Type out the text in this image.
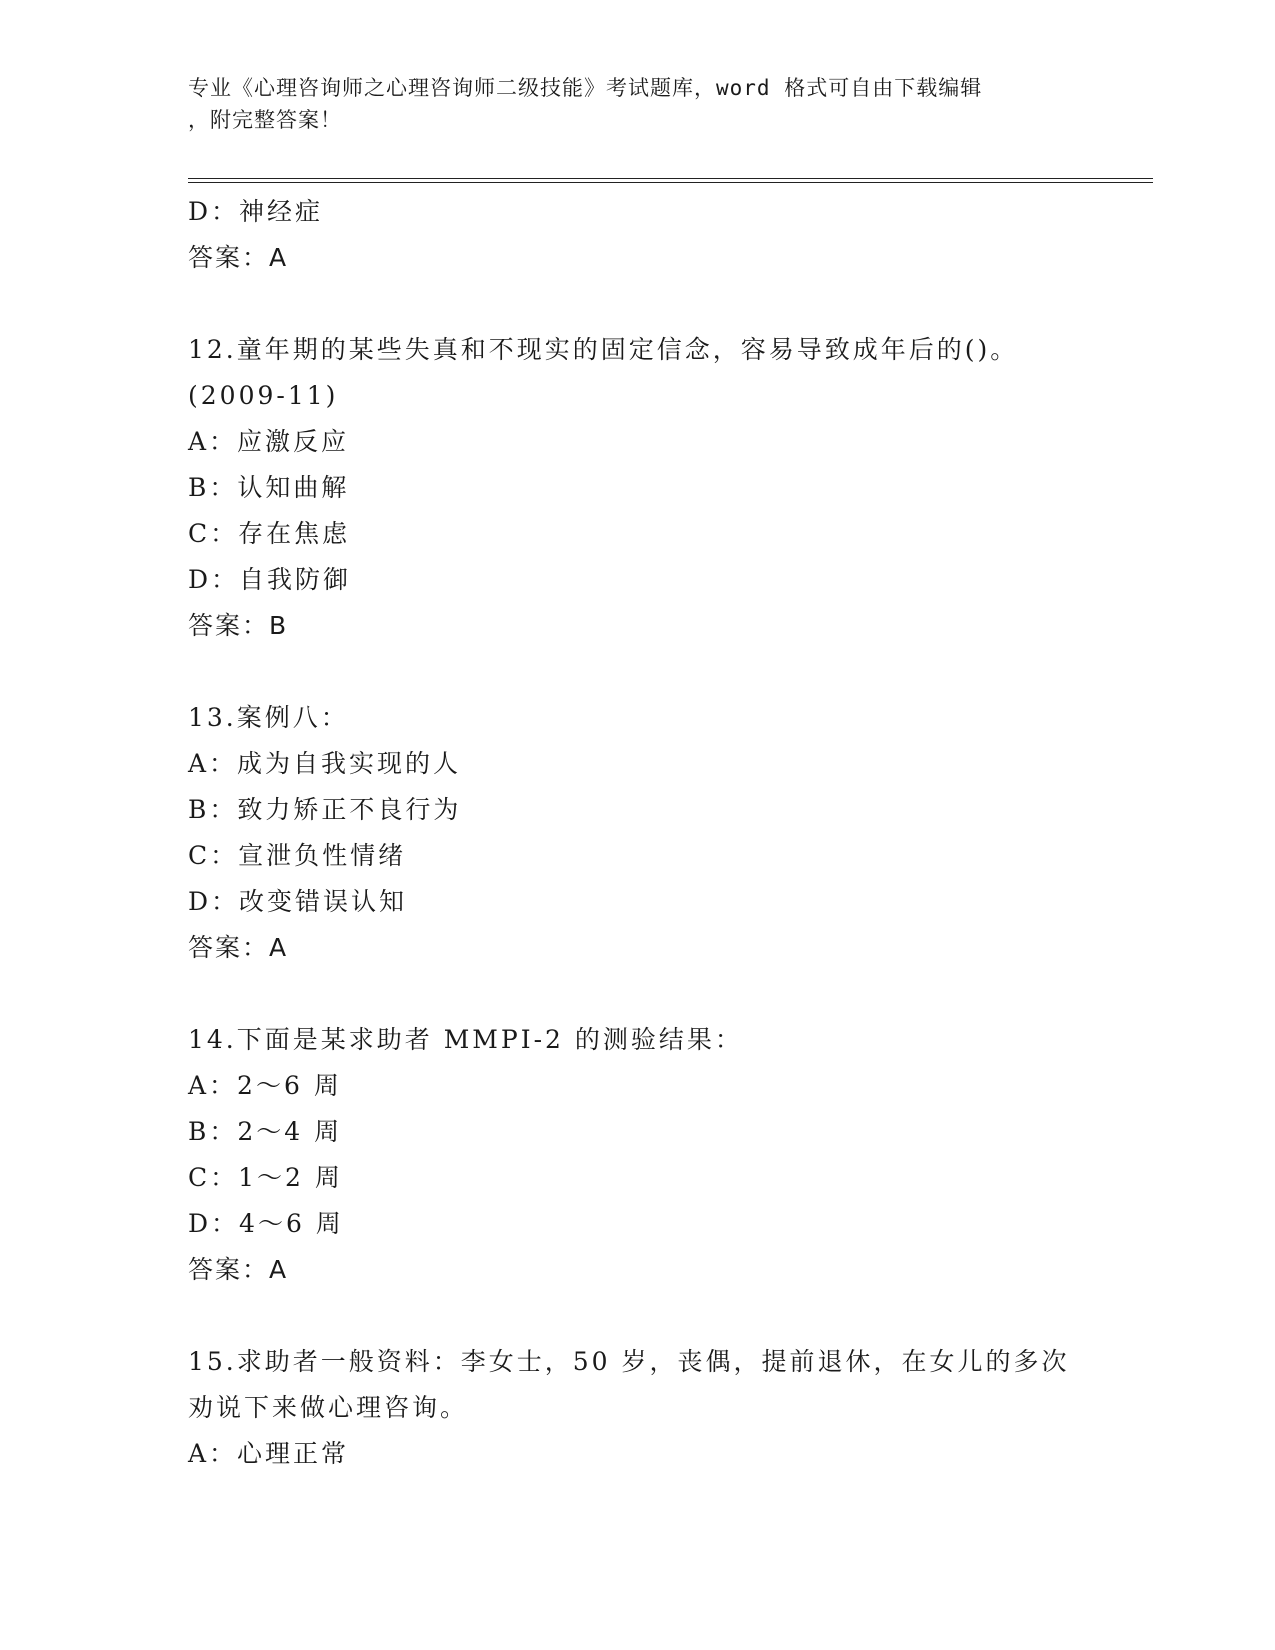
专业《心理咨询师之心理咨询师二级技能》考试题库，word 格式可自由下载编辑
，附完整答案！
D：神经症
答案：A
12.童年期的某些失真和不现实的固定信念，容易导致成年后的()。
(2009-11)
A：应激反应
B：认知曲解
C：存在焦虑
D：自我防御
答案：B
13.案例八：
A：成为自我实现的人
B：致力矫正不良行为
C：宣泄负性情绪
D：改变错误认知
答案：A
14.下面是某求助者 MMPI-2 的测验结果：
A：2～6 周
B：2～4 周
C：1～2 周
D：4～6 周
答案：A
15.求助者一般资料：李女士，50 岁，丧偶，提前退休，在女儿的多次
劝说下来做心理咨询。
A：心理正常
